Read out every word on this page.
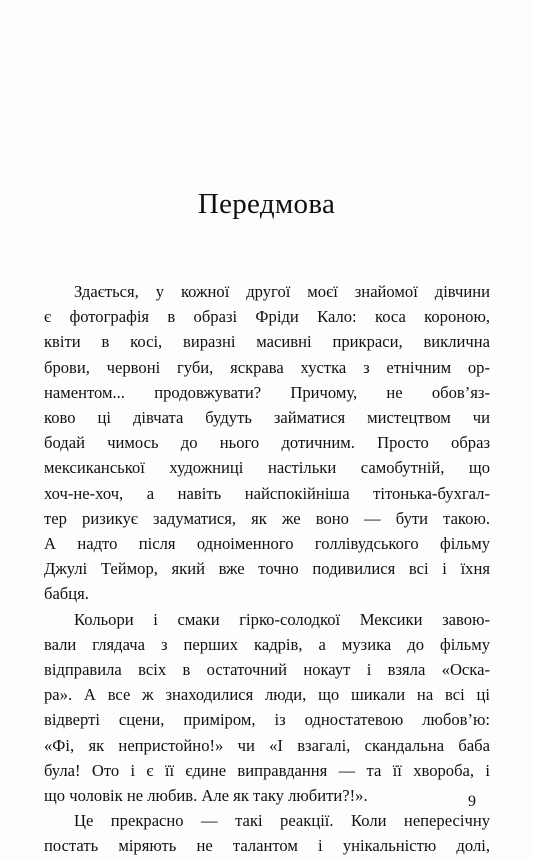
Передмова

Здається, у кожної другої моєї знайомої дівчини
є фотографія в образі Фріди Кало: коса короною,
квіти в косі, виразні масивні прикраси, виклична
брови, червоні губи, яскрава хустка з етнічним ор-
наментом... продовжувати? Причому, не обов’яз-
ково ці дівчата будуть займатися мистецтвом чи
бодай чимось до нього дотичним. Просто образ
мексиканської художниці настільки самобутній, що
хоч-не-хоч, а навіть найспокійніша тітонька-бухгал-
тер ризикує задуматися, як же воно — бути такою.
А надто після одноіменного голлівудського фільму
Джулі Теймор, який вже точно подивилися всі і їхня
бабця.

Кольори і смаки гірко-солодкої Мексики завою-
вали глядача з перших кадрів, а музика до фільму
відправила всіх в остаточний нокаут і взяла «Оска-
ра». А все ж знаходилися люди, що шикали на всі ці
відверті сцени, приміром, із одностатевою любов’ю:
«Фі, як непристойно!» чи «І взагалі, скандальна баба
була! Ото і є її єдине виправдання — та її хвороба, і
що чоловік не любив. Але як таку любити?!».

Це прекрасно — такі реакції. Коли непересічну
постать міряють не талантом і унікальністю долі,

9
